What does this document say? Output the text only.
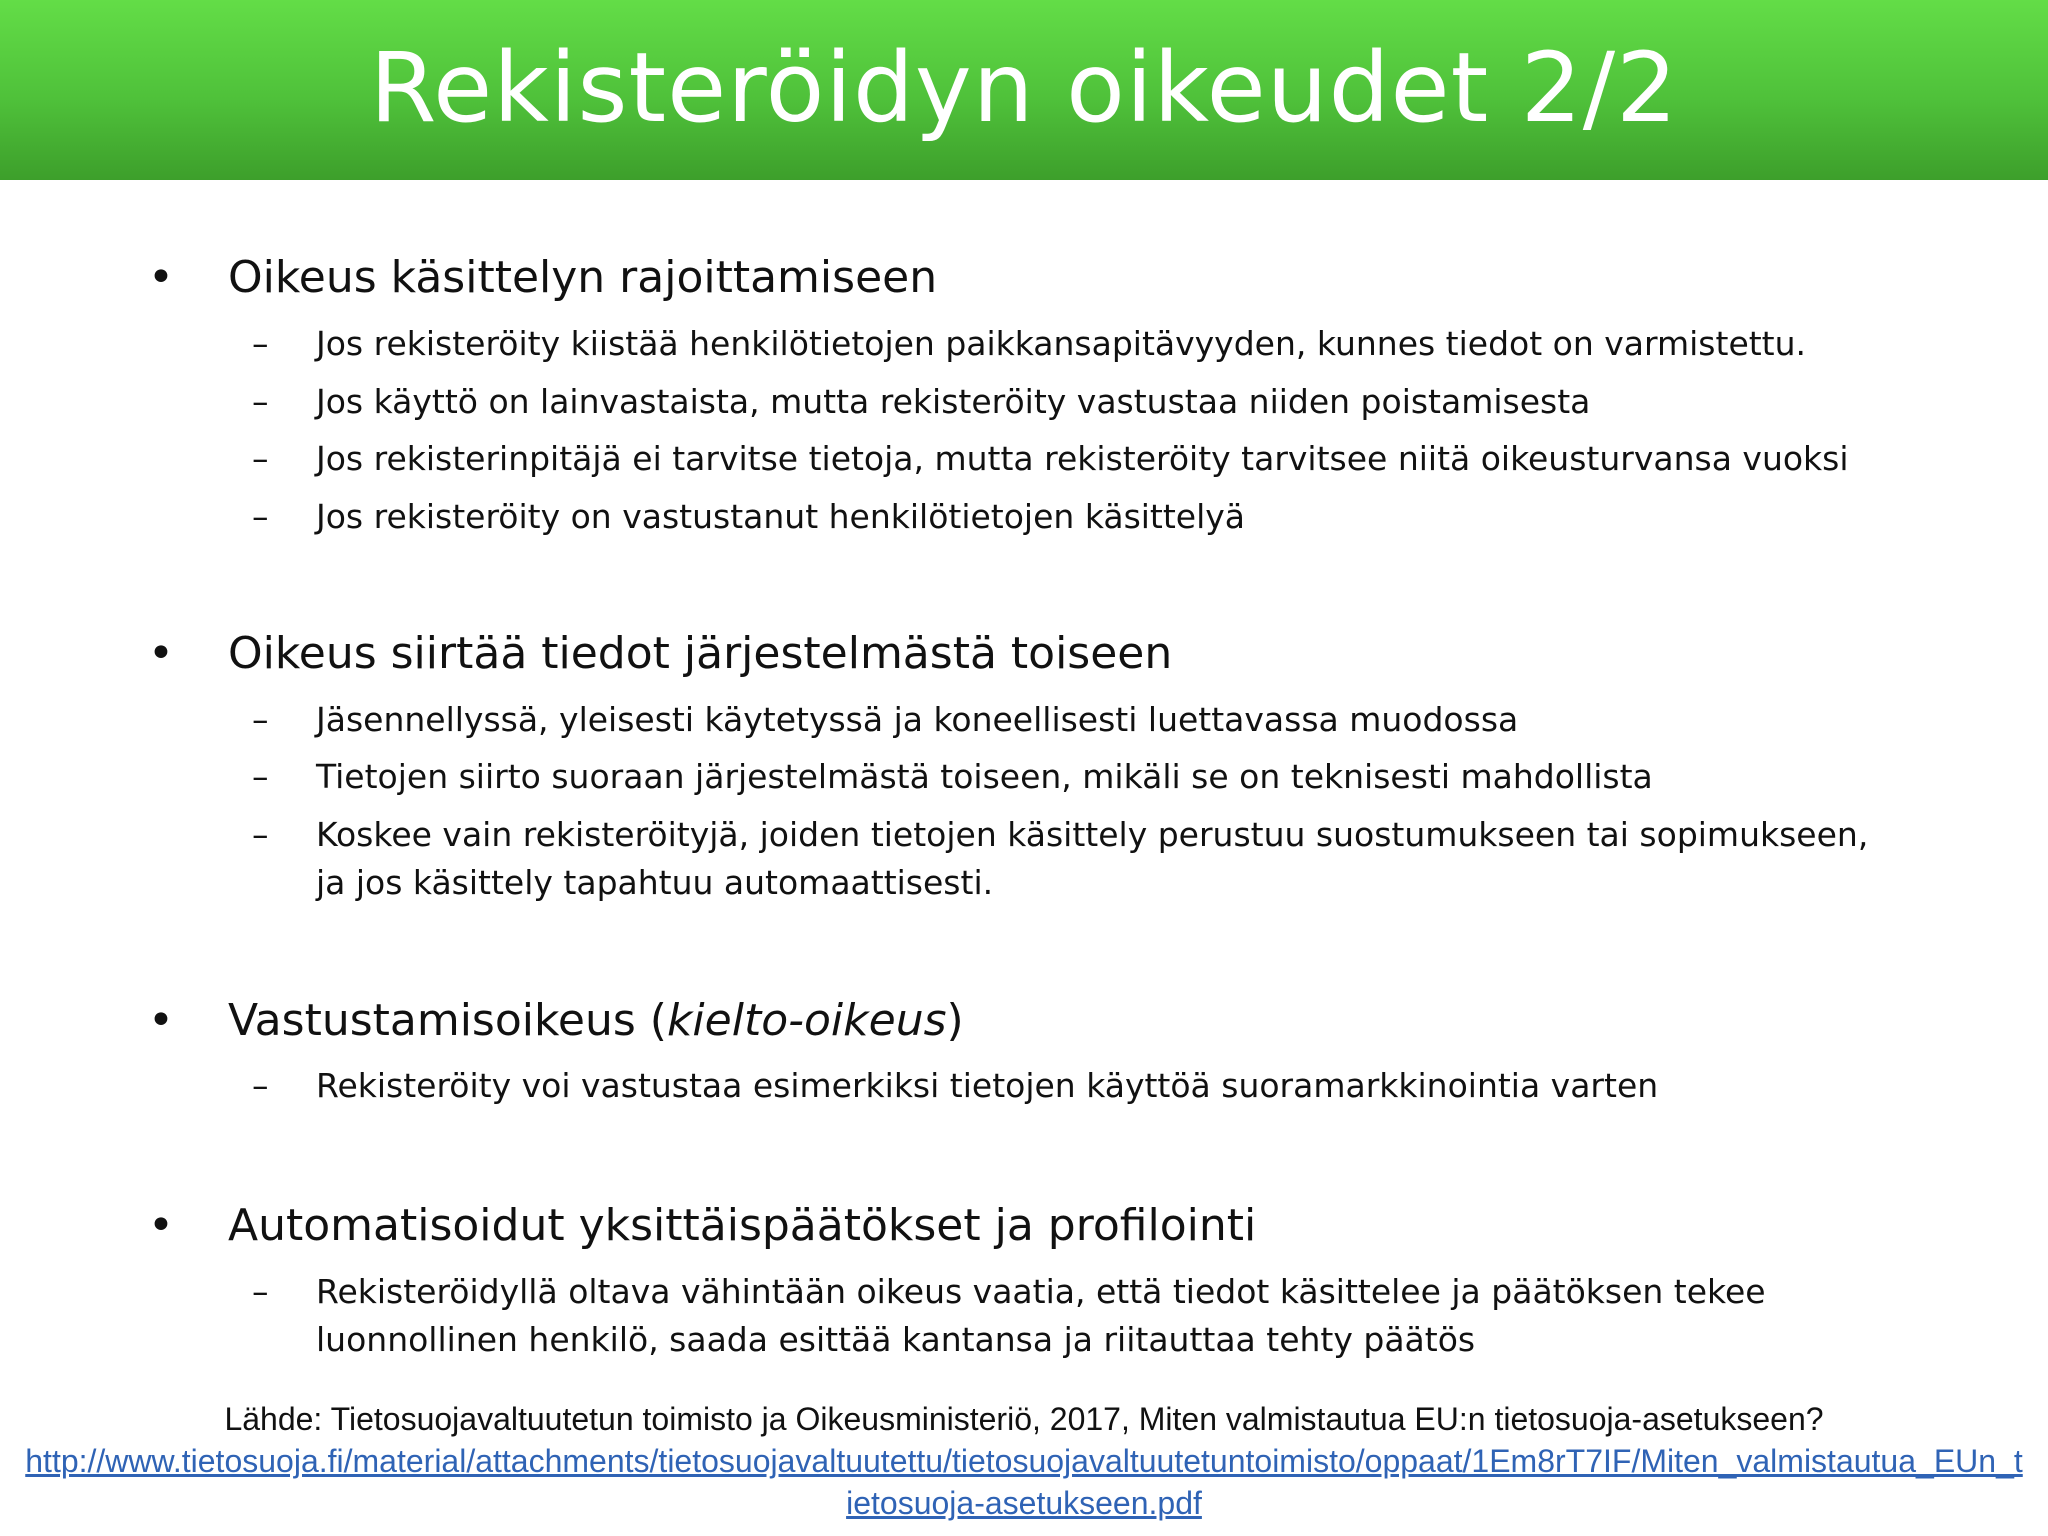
Rekisteröidyn oikeudet 2/2
• Oikeus käsittelyn rajoittamiseen
– Jos rekisteröity kiistää henkilötietojen paikkansapitävyyden, kunnes tiedot on varmistettu.
– Jos käyttö on lainvastaista, mutta rekisteröity vastustaa niiden poistamisesta
– Jos rekisterinpitäjä ei tarvitse tietoja, mutta rekisteröity tarvitsee niitä oikeusturvansa vuoksi
– Jos rekisteröity on vastustanut henkilötietojen käsittelyä
• Oikeus siirtää tiedot järjestelmästä toiseen
– Jäsennellyssä, yleisesti käytetyssä ja koneellisesti luettavassa muodossa
– Tietojen siirto suoraan järjestelmästä toiseen, mikäli se on teknisesti mahdollista
– Koskee vain rekisteröityjä, joiden tietojen käsittely perustuu suostumukseen tai sopimukseen, ja jos käsittely tapahtuu automaattisesti.
• Vastustamisoikeus (kielto-oikeus)
– Rekisteröity voi vastustaa esimerkiksi tietojen käyttöä suoramarkkinointia varten
• Automatisoidut yksittäispäätökset ja profilointi
– Rekisteröidyllä oltava vähintään oikeus vaatia, että tiedot käsittelee ja päätöksen tekee luonnollinen henkilö, saada esittää kantansa ja riitauttaa tehty päätös
Lähde: Tietosuojavaltuutetun toimisto ja Oikeusministeriö, 2017, Miten valmistautua EU:n tietosuoja-asetukseen?
http://www.tietosuoja.fi/material/attachments/tietosuojavaltuutettu/tietosuojavaltuutetuntoimisto/oppaat/1Em8rT7IF/Miten_valmistautua_EUn_tietosuoja-asetukseen.pdf
